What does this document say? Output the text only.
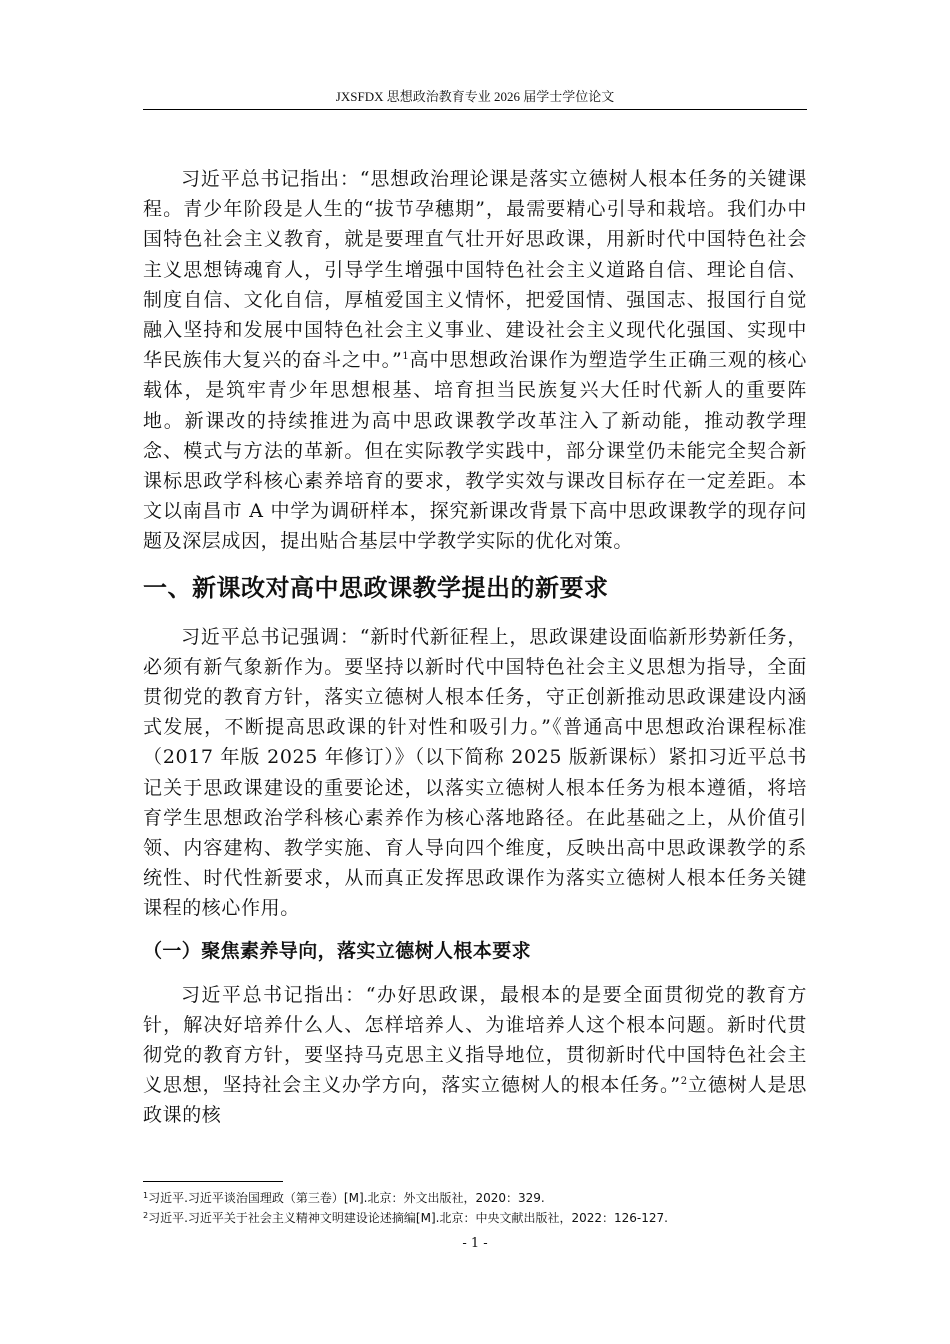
JXSFDX 思想政治教育专业 2026 届学士学位论文

习近平总书记指出：“思想政治理论课是落实立德树人根本任务的关键课程。青少年阶段是人生的“拔节孕穗期”，最需要精心引导和栽培。我们办中国特色社会主义教育，就是要理直气壮开好思政课，用新时代中国特色社会主义思想铸魂育人，引导学生增强中国特色社会主义道路自信、理论自信、制度自信、文化自信，厚植爱国主义情怀，把爱国情、强国志、报国行自觉融入坚持和发展中国特色社会主义事业、建设社会主义现代化强国、实现中华民族伟大复兴的奋斗之中。”$^1$高中思想政治课作为塑造学生正确三观的核心载体，是筑牢青少年思想根基、培育担当民族复兴大任时代新人的重要阵地。新课改的持续推进为高中思政课教学改革注入了新动能，推动教学理念、模式与方法的革新。但在实际教学实践中，部分课堂仍未能完全契合新课标思政学科核心素养培育的要求，教学实效与课改目标存在一定差距。本文以南昌市 A 中学为调研样本，探究新课改背景下高中思政课教学的现存问题及深层成因，提出贴合基层中学教学实际的优化对策。

一、新课改对高中思政课教学提出的新要求

习近平总书记强调：“新时代新征程上，思政课建设面临新形势新任务，必须有新气象新作为。要坚持以新时代中国特色社会主义思想为指导，全面贯彻党的教育方针，落实立德树人根本任务，守正创新推动思政课建设内涵式发展，不断提高思政课的针对性和吸引力。”《普通高中思想政治课程标准（2017 年版 2025 年修订）》（以下简称 2025 版新课标）紧扣习近平总书记关于思政课建设的重要论述，以落实立德树人根本任务为根本遵循，将培育学生思想政治学科核心素养作为核心落地路径。在此基础之上，从价值引领、内容建构、教学实施、育人导向四个维度，反映出高中思政课教学的系统性、时代性新要求，从而真正发挥思政课作为落实立德树人根本任务关键课程的核心作用。

（一）聚焦素养导向，落实立德树人根本要求

习近平总书记指出：“办好思政课，最根本的是要全面贯彻党的教育方针，解决好培养什么人、怎样培养人、为谁培养人这个根本问题。新时代贯彻党的教育方针，要坚持马克思主义指导地位，贯彻新时代中国特色社会主义思想，坚持社会主义办学方向，落实立德树人的根本任务。”$^2$立德树人是思政课的核

$^1$习近平.习近平谈治国理政（第三卷）[M].北京：外文出版社，2020：329.

$^2$习近平.习近平关于社会主义精神文明建设论述摘编[M].北京：中央文献出版社，2022：126-127.

- 1 -
